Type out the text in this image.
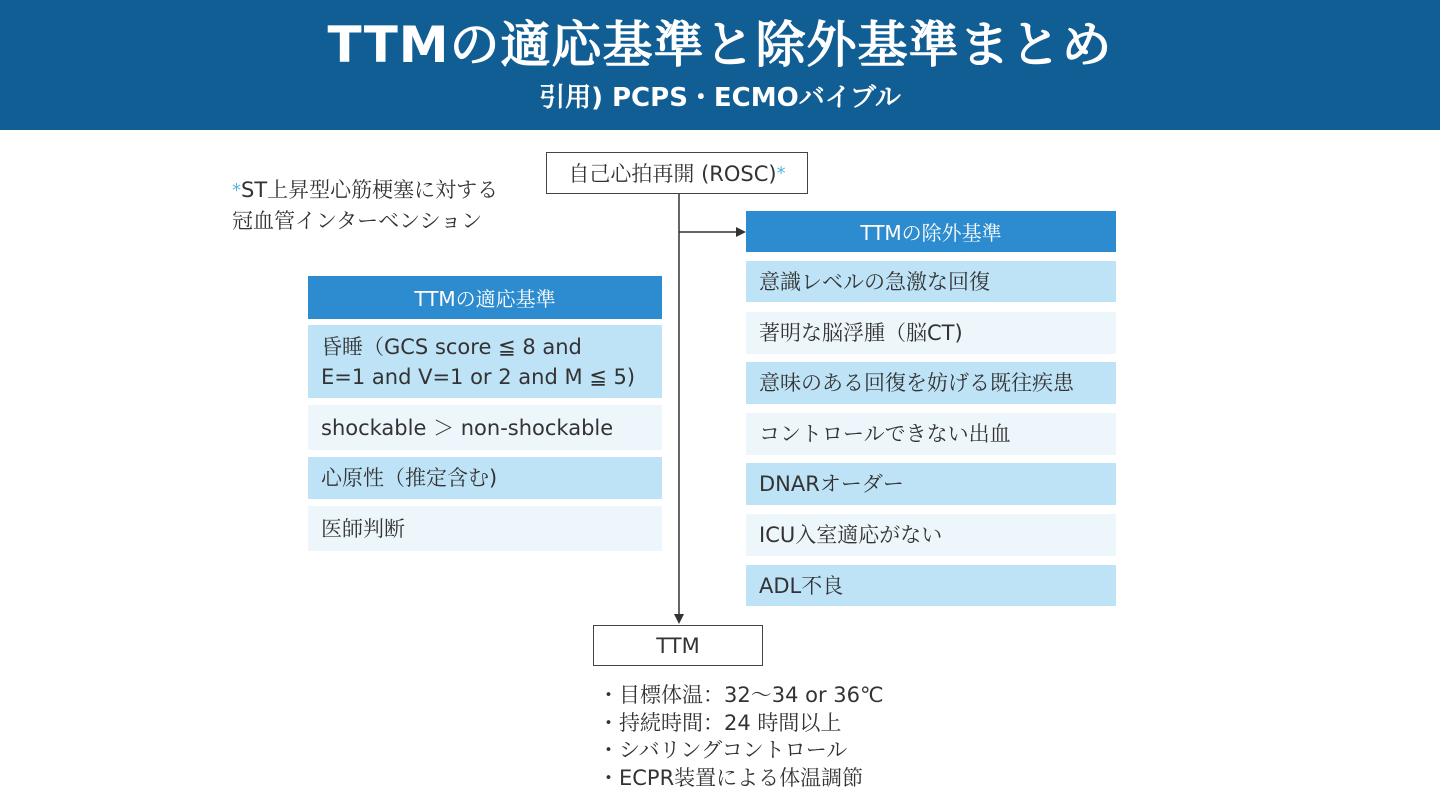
TTMの適応基準と除外基準まとめ
引用) PCPS・ECMOバイブル
自己心拍再開 (ROSC) *
*ST上昇型心筋梗塞に対する
冠血管インターベンション
TTMの適応基準
昏睡（GCS score ≦ 8 and
E=1 and V=1 or 2 and M ≦ 5)
shockable ＞ non-shockable
心原性（推定含む)
医師判断
TTMの除外基準
意識レベルの急激な回復
著明な脳浮腫（脳CT)
意味のある回復を妨げる既往疾患
コントロールできない出血
DNARオーダー
ICU入室適応がない
ADL不良
TTM
・目標体温：32～34 or 36℃
・持続時間：24 時間以上
・シバリングコントロール
・ECPR装置による体温調節
